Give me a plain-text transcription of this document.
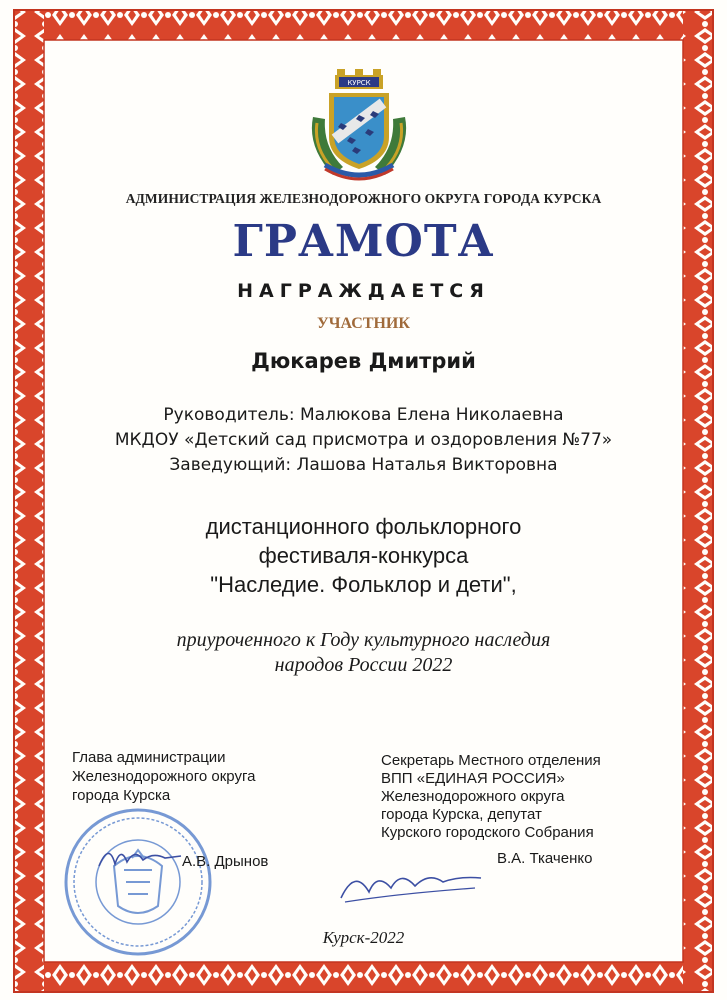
КУРСК
АДМИНИСТРАЦИЯ ЖЕЛЕЗНОДОРОЖНОГО ОКРУГА ГОРОДА КУРСКА
ГРАМОТА
НАГРАЖДАЕТСЯ
УЧАСТНИК
Дюкарев Дмитрий
Руководитель: Малюкова Елена Николаевна
МКДОУ «Детский сад присмотра и оздоровления №77»
Заведующий: Лашова Наталья Викторовна
дистанционного фольклорного
фестиваля-конкурса
"Наследие. Фольклор и дети",
приуроченного к Году культурного наследия
народов России 2022
Глава администрации
Железнодорожного округа
города Курска
А.В. Дрынов
Секретарь Местного отделения
ВПП «ЕДИНАЯ РОССИЯ»
Железнодорожного округа
города Курска, депутат
Курского городского Собрания
В.А. Ткаченко
Курск-2022
